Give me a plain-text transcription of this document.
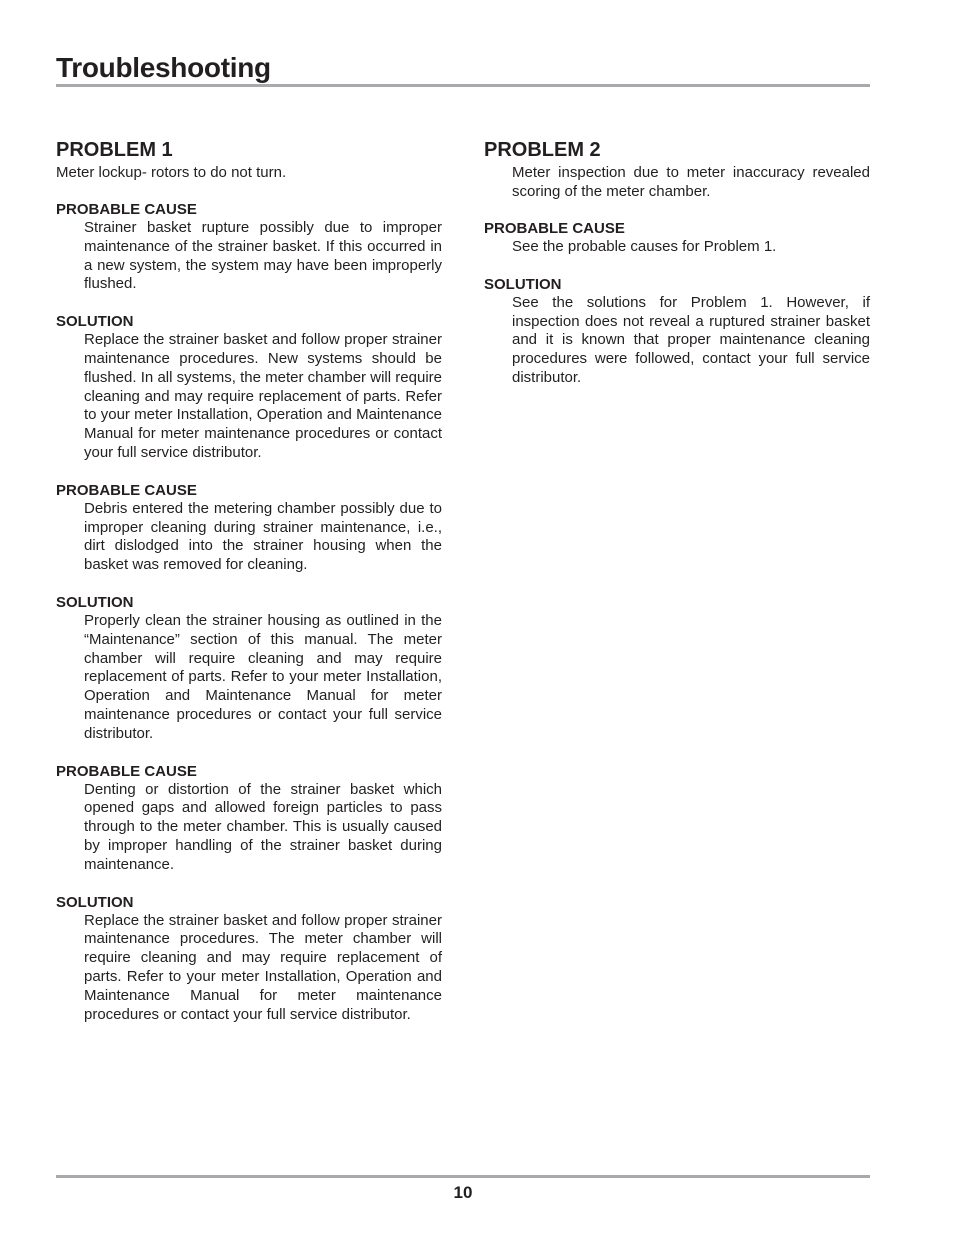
Troubleshooting
PROBLEM 1

Meter lockup- rotors to do not turn.

PROBABLE CAUSE

Strainer basket rupture possibly due to improper maintenance of the strainer basket. If this occurred in a new system, the system may have been improperly flushed.

SOLUTION

Replace the strainer basket and follow proper strainer maintenance procedures. New systems should be flushed. In all systems, the meter chamber will require cleaning and may require replacement of parts. Refer to your meter Installation, Operation and Maintenance Manual for meter maintenance procedures or contact your full service distributor.

PROBABLE CAUSE

Debris entered the metering chamber possibly due to improper cleaning during strainer maintenance, i.e., dirt dislodged into the strainer housing when the basket was removed for cleaning.

SOLUTION

Properly clean the strainer housing as outlined in the “Maintenance” section of this manual. The meter chamber will require cleaning and may require replacement of parts. Refer to your meter Installation, Operation and Maintenance Manual for meter maintenance procedures or contact your full service distributor.

PROBABLE CAUSE

Denting or distortion of the strainer basket which opened gaps and allowed foreign particles to pass through to the meter chamber. This is usually caused by improper handling of the strainer basket during maintenance.

SOLUTION

Replace the strainer basket and follow proper strainer maintenance procedures. The meter chamber will require cleaning and may require replacement of parts. Refer to your meter Installation, Operation and Maintenance Manual for meter maintenance procedures or contact your full service distributor.

PROBLEM 2

Meter inspection due to meter inaccuracy revealed scoring of the meter chamber.

PROBABLE CAUSE

See the probable causes for Problem 1.

SOLUTION

See the solutions for Problem 1. However, if inspection does not reveal a ruptured strainer basket and it is known that proper maintenance cleaning procedures were followed, contact your full service distributor.

10
